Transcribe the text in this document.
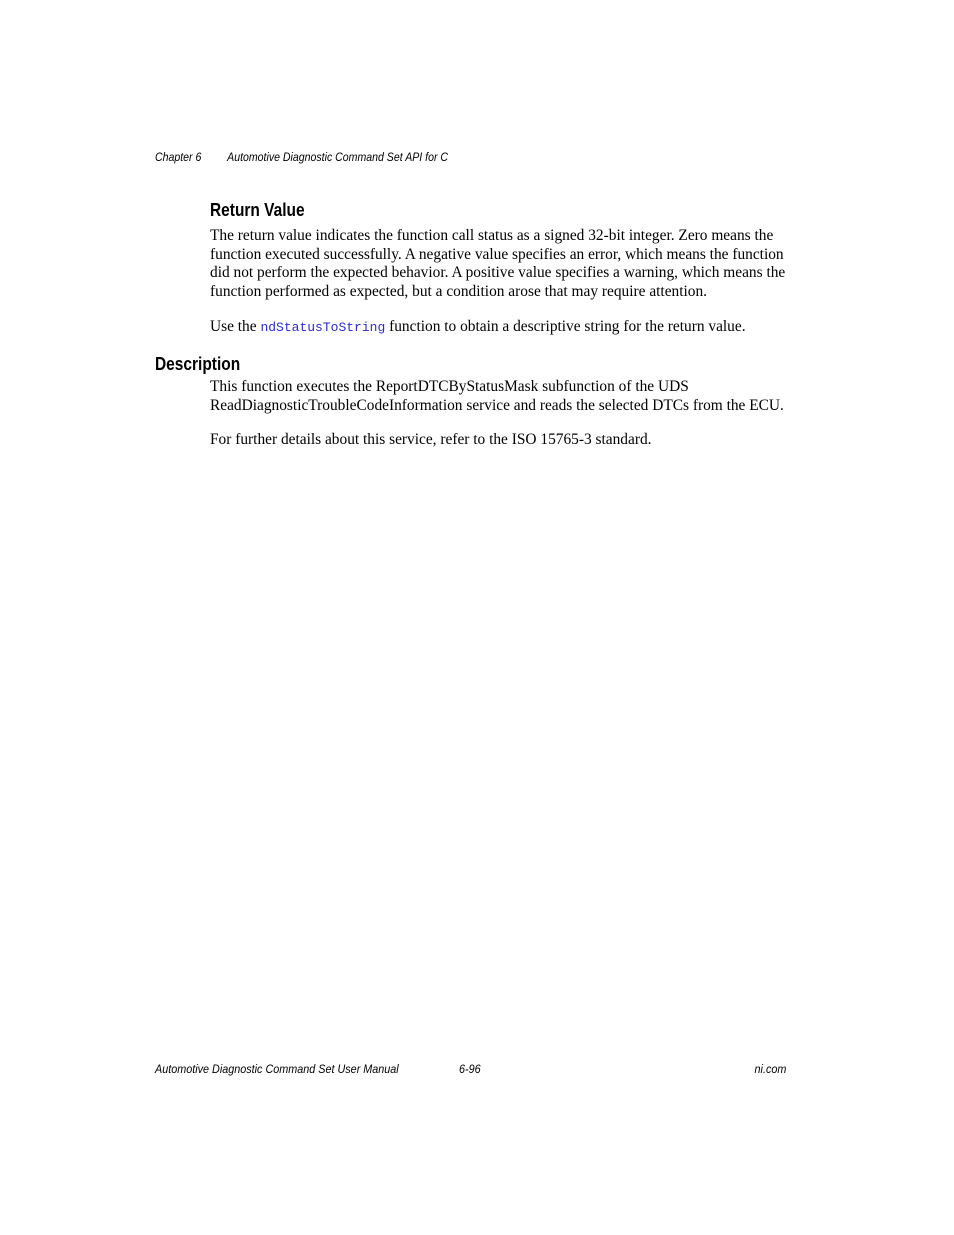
Chapter 6 Automotive Diagnostic Command Set API for C
Return Value
The return value indicates the function call status as a signed 32-bit integer. Zero means the
function executed successfully. A negative value specifies an error, which means the function
did not perform the expected behavior. A positive value specifies a warning, which means the
function performed as expected, but a condition arose that may require attention.
Use the ndStatusToString function to obtain a descriptive string for the return value.
Description
This function executes the ReportDTCByStatusMask subfunction of the UDS
ReadDiagnosticTroubleCodeInformation service and reads the selected DTCs from the ECU.
For further details about this service, refer to the ISO 15765-3 standard.
Automotive Diagnostic Command Set User Manual	6-96	ni.com
